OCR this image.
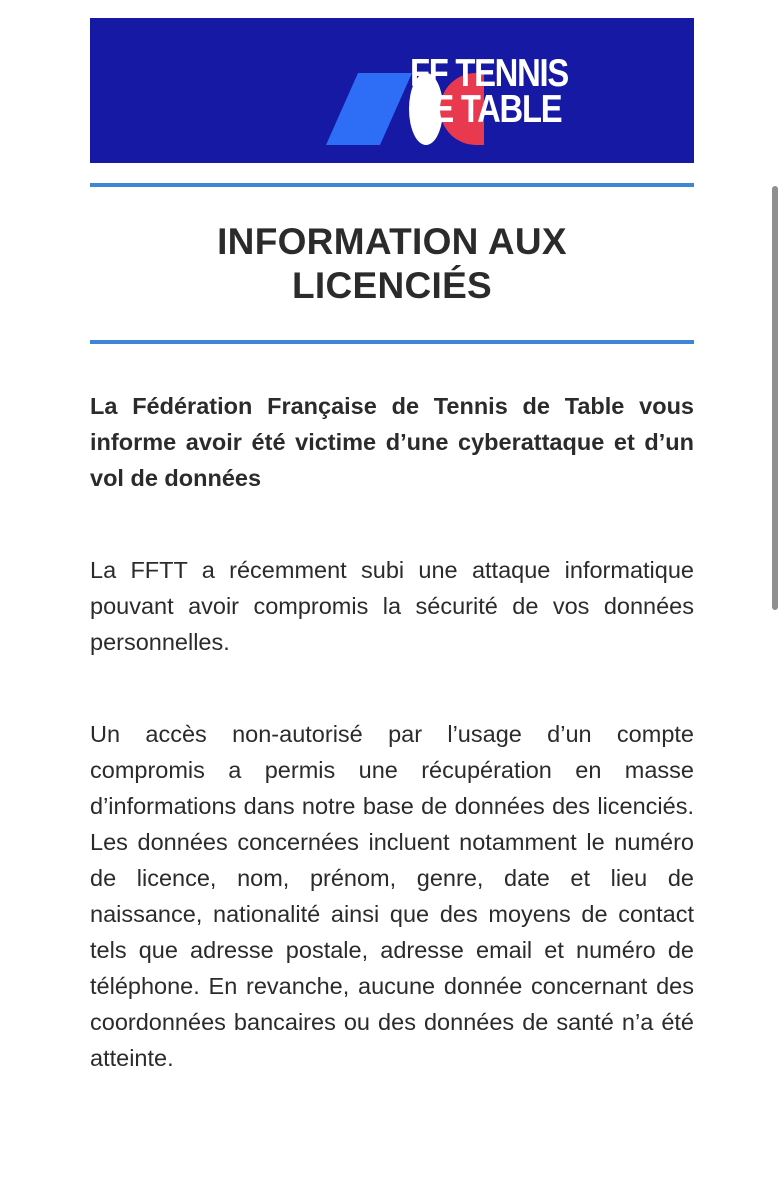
FF TENNIS
DE TABLE
INFORMATION AUX
LICENCIÉS

La Fédération Française de Tennis de Table vous informe avoir été victime d’une cyberattaque et d’un vol de données

La FFTT a récemment subi une attaque informatique pouvant avoir compromis la sécurité de vos données personnelles.

Un accès non-autorisé par l’usage d’un compte compromis a permis une récupération en masse d’informations dans notre base de données des licenciés. Les données concernées incluent notamment le numéro de licence, nom, prénom, genre, date et lieu de naissance, nationalité ainsi que des moyens de contact tels que adresse postale, adresse email et numéro de téléphone. En revanche, aucune donnée concernant des coordonnées bancaires ou des données de santé n’a été atteinte.
